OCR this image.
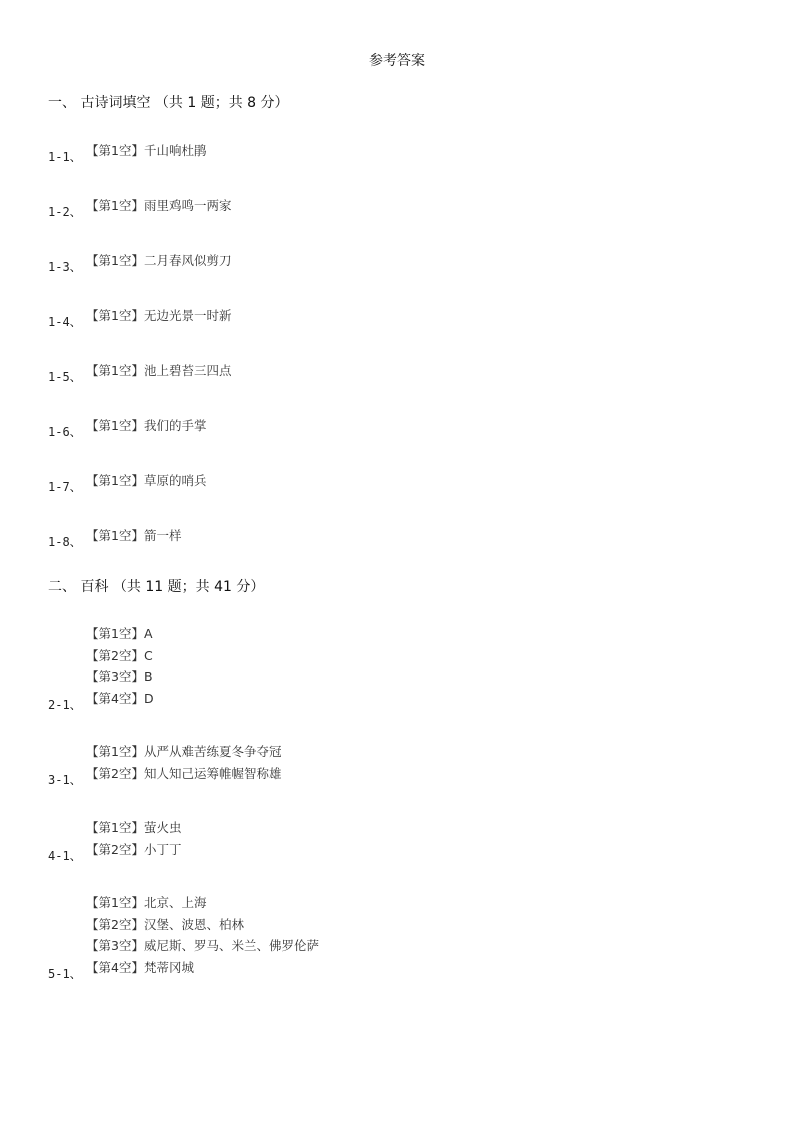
参考答案
一、 古诗词填空 （共 1 题；共 8 分）
1-1、 【第1空】千山响杜鹃
1-2、 【第1空】雨里鸡鸣一两家
1-3、 【第1空】二月春风似剪刀
1-4、 【第1空】无边光景一时新
1-5、 【第1空】池上碧苔三四点
1-6、 【第1空】我们的手掌
1-7、 【第1空】草原的哨兵
1-8、 【第1空】箭一样
二、 百科 （共 11 题；共 41 分）
【第1空】A
【第2空】C
【第3空】B
【第4空】D
2-1、
【第1空】从严从难苦练夏冬争夺冠
【第2空】知人知己运筹帷幄智称雄
3-1、
【第1空】萤火虫
【第2空】小丁丁
4-1、
【第1空】北京、上海
【第2空】汉堡、波恩、柏林
【第3空】威尼斯、罗马、米兰、佛罗伦萨
【第4空】梵蒂冈城
5-1、
